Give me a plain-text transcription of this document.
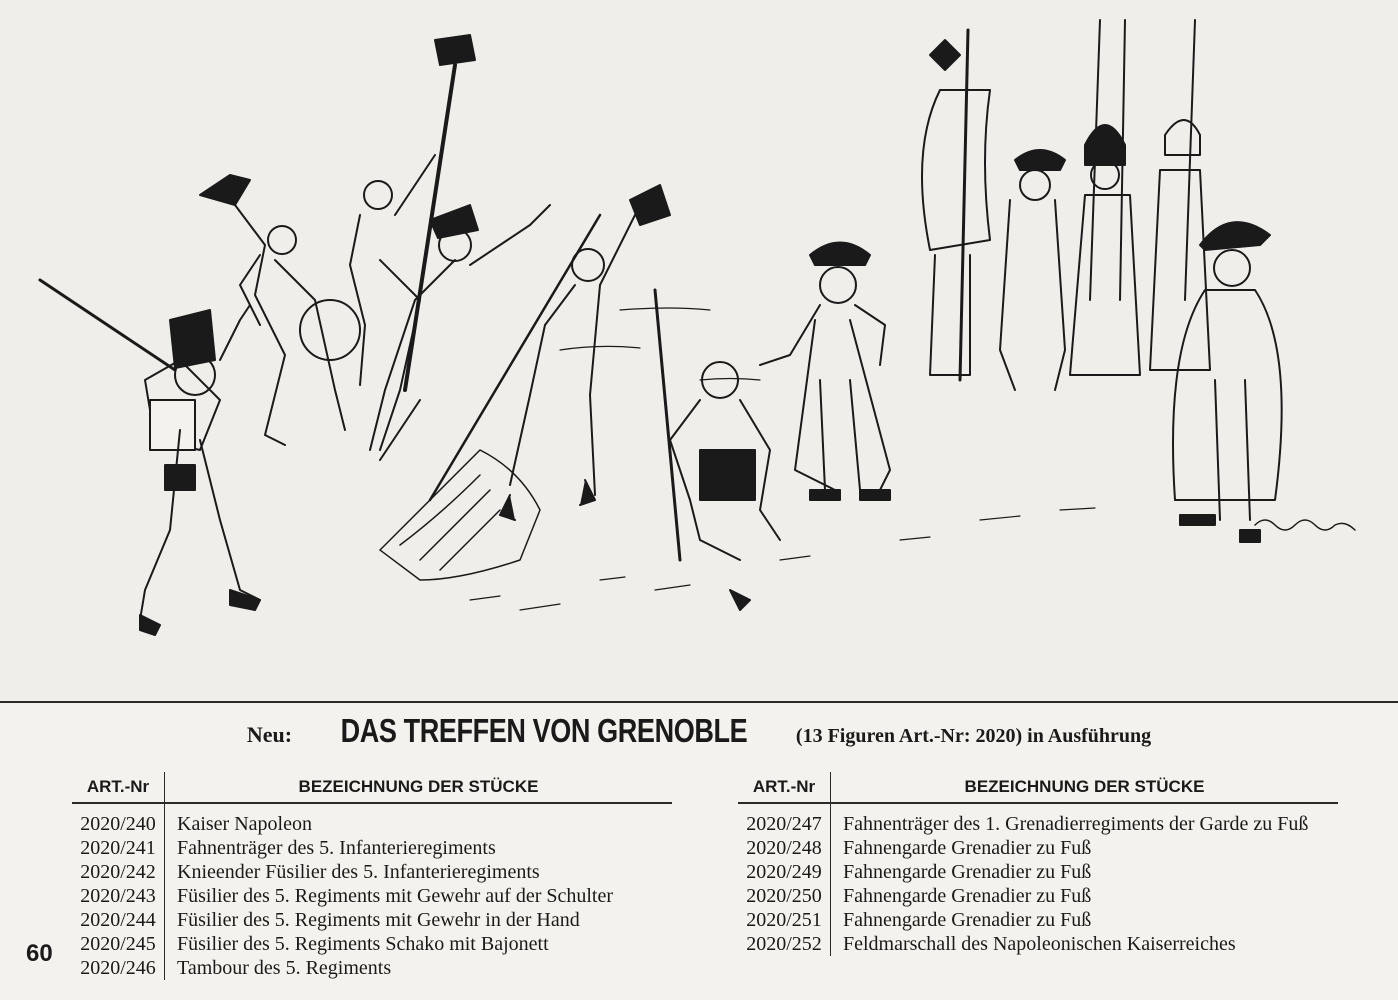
Neu: DAS TREFFEN VON GRENOBLE (13 Figuren Art.-Nr: 2020) in Ausführung
ART.-Nr	BEZEICHNUNG DER STÜCKE

2020/240	Kaiser Napoleon
2020/241	Fahnenträger des 5. Infanterieregiments
2020/242	Knieender Füsilier des 5. Infanterieregiments
2020/243	Füsilier des 5. Regiments mit Gewehr auf der Schulter
2020/244	Füsilier des 5. Regiments mit Gewehr in der Hand
2020/245	Füsilier des 5. Regiments Schako mit Bajonett
2020/246	Tambour des 5. Regiments
ART.-Nr	BEZEICHNUNG DER STÜCKE

2020/247	Fahnenträger des 1. Grenadierregiments der Garde zu Fuß
2020/248	Fahnengarde Grenadier zu Fuß
2020/249	Fahnengarde Grenadier zu Fuß
2020/250	Fahnengarde Grenadier zu Fuß
2020/251	Fahnengarde Grenadier zu Fuß
2020/252	Feldmarschall des Napoleonischen Kaiserreiches
60
